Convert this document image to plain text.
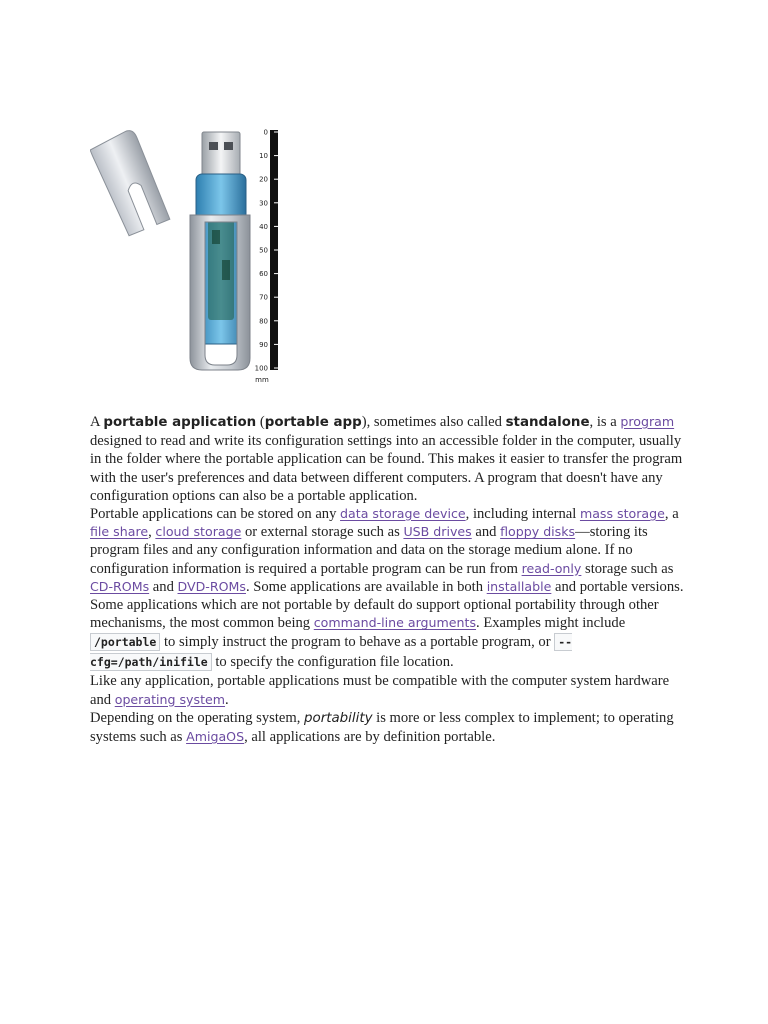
0
10
20
30
40
50
60
70
80
90
100
mm

A portable application (portable app), sometimes also called standalone, is a program designed to read and write its configuration settings into an accessible folder in the computer, usually in the folder where the portable application can be found. This makes it easier to transfer the program with the user's preferences and data between different computers. A program that doesn't have any configuration options can also be a portable application.

Portable applications can be stored on any data storage device, including internal mass storage, a file share, cloud storage or external storage such as USB drives and floppy disks—storing its program files and any configuration information and data on the storage medium alone. If no configuration information is required a portable program can be run from read-only storage such as CD-ROMs and DVD-ROMs. Some applications are available in both installable and portable versions.

Some applications which are not portable by default do support optional portability through other mechanisms, the most common being command-line arguments. Examples might include /portable to simply instruct the program to behave as a portable program, or --cfg=/path/inifile to specify the configuration file location.

Like any application, portable applications must be compatible with the computer system hardware and operating system.

Depending on the operating system, portability is more or less complex to implement; to operating systems such as AmigaOS, all applications are by definition portable.
